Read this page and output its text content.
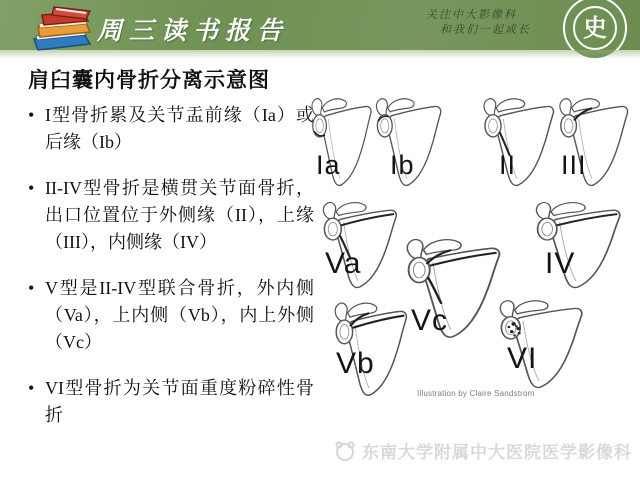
周三读书报告
关注中大影像科
和我们一起成长	史
肩臼囊内骨折分离示意图
• I型骨折累及关节盂前缘（Ia）或后缘（Ib）
• II-IV型骨折是横贯关节面骨折，出口位置位于外侧缘（II），上缘（III），内侧缘（IV）
• V型是II-IV型联合骨折，外内侧（Va），上内侧（Vb），内上外侧（Vc）
• VI型骨折为关节面重度粉碎性骨折
Ia Ib	II III
Va	IV
Vc
Vb	VI
Illustration by Claire Sandstrom
东南大学附属中大医院医学影像科
